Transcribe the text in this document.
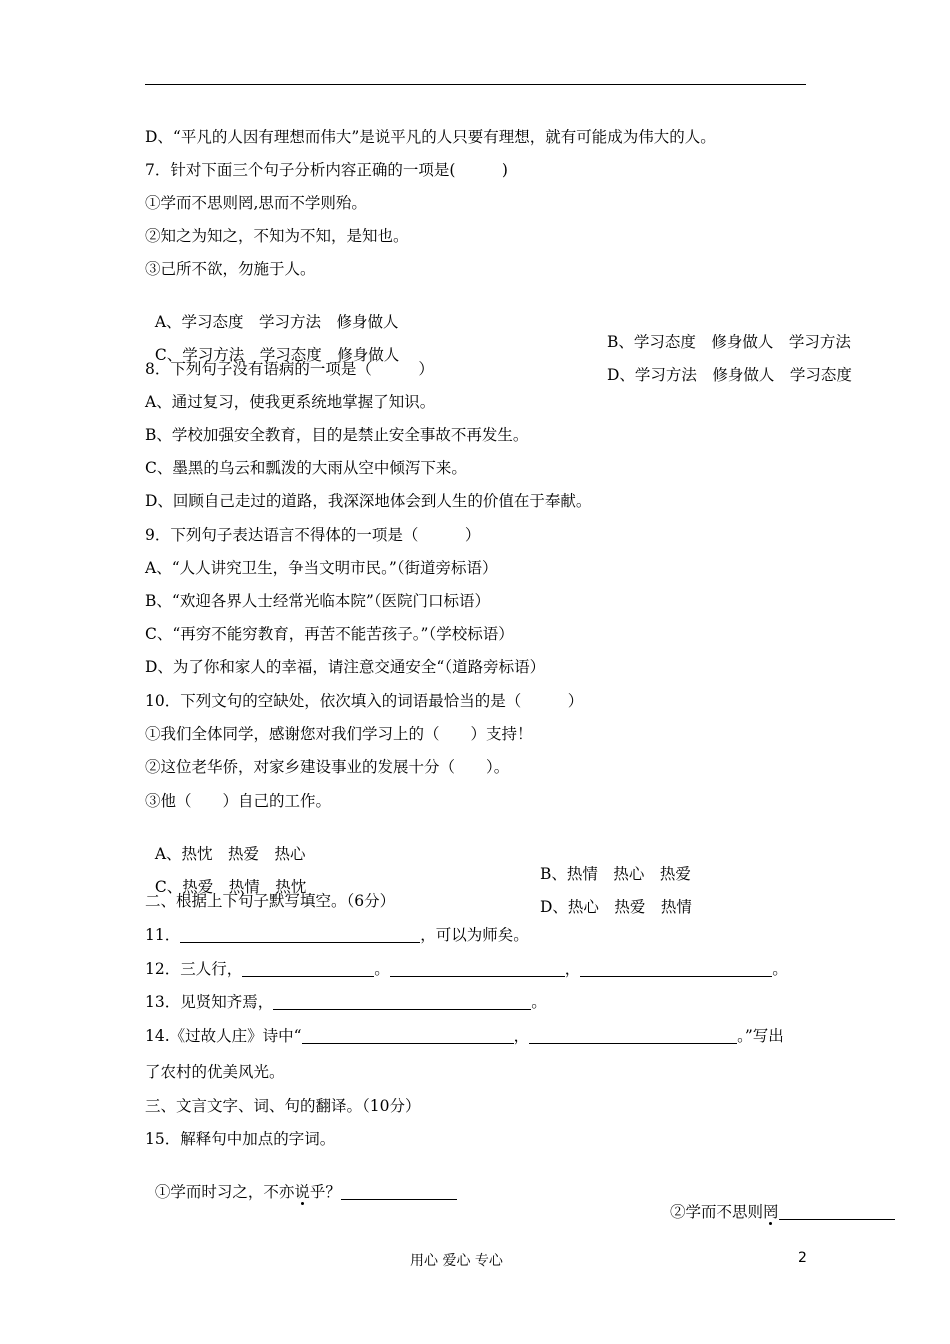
D、“平凡的人因有理想而伟大”是说平凡的人只要有理想，就有可能成为伟大的人。
7．针对下面三个句子分析内容正确的一项是(　　　)
①学而不思则罔,思而不学则殆。
②知之为知之，不知为不知，是知也。
③己所不欲，勿施于人。

A、学习态度　学习方法　修身做人

B、学习态度　修身做人　学习方法

C、学习方法　学习态度　修身做人

D、学习方法　修身做人　学习态度

8．下列句子没有语病的一项是（　　　）
A、通过复习，使我更系统地掌握了知识。
B、学校加强安全教育，目的是禁止安全事故不再发生。
C、墨黑的乌云和瓢泼的大雨从空中倾泻下来。
D、回顾自己走过的道路，我深深地体会到人生的价值在于奉献。
9．下列句子表达语言不得体的一项是（　　　）
A、“人人讲究卫生，争当文明市民。”（街道旁标语）
B、“欢迎各界人士经常光临本院”（医院门口标语）
C、“再穷不能穷教育，再苦不能苦孩子。”（学校标语）
D、为了你和家人的幸福，请注意交通安全“（道路旁标语）
10．下列文句的空缺处，依次填入的词语最恰当的是（　　　）
①我们全体同学，感谢您对我们学习上的（　　）支持！
②这位老华侨，对家乡建设事业的发展十分（　　）。
③他（　　）自己的工作。

A、热忱　热爱　热心

B、热情　热心　热爱

C、热爱　热情　热忱

D、热心　热爱　热情

二、根据上下句子默写填空。（6分）
11．	，可以为师矣。
12．三人行，	。	，	。
13．见贤知齐焉，	。
14.《过故人庄》诗中“	，	。”写出
了农村的优美风光。
三、文言文字、词、句的翻译。（10分）
15．解释句中加点的字词。

①学而时习之，不亦说乎？

②学而不思则罔

用心 爱心 专心	2
